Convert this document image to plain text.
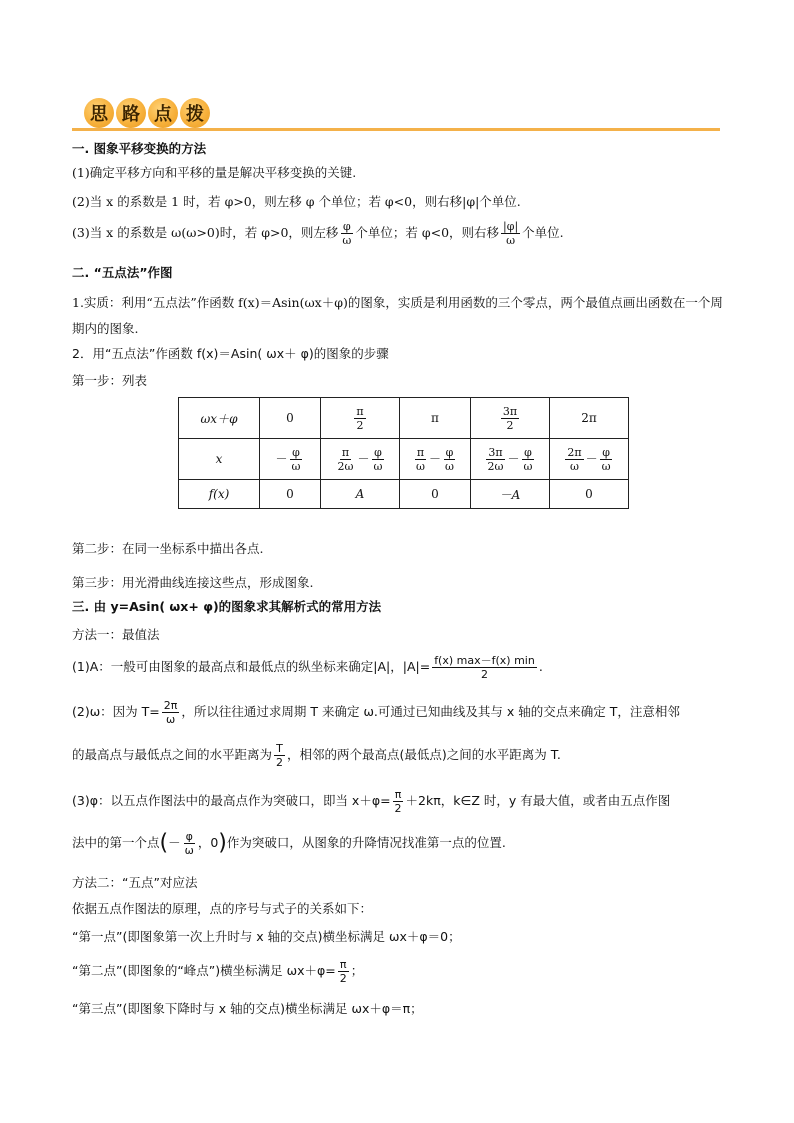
思 路 点 拨
一. 图象平移变换的方法
(1)确定平移方向和平移的量是解决平移变换的关键.
(2)当 x 的系数是 1 时，若 φ>0，则左移 φ 个单位；若 φ<0，则右移|φ|个单位.
(3)当 x 的系数是 ω(ω>0)时，若 φ>0，则左移 $\frac{\varphi}{\omega}$ 个单位；若 φ<0，则右移 $\frac{|\varphi|}{\omega}$ 个单位.
二. “五点法”作图
1.实质：利用“五点法”作函数 f(x)＝Asin(ωx＋φ)的图象，实质是利用函数的三个零点，两个最值点画出函数在一个周期内的图象.
2．用“五点法”作函数 f(x)＝Asin( ωx＋ φ)的图象的步骤
第一步：列表
ωx＋φ	0	$\frac{\pi}{2}$	π	$\frac{3\pi}{2}$	2π
x	－ $\frac{\varphi}{\omega}$	$\frac{\pi}{2\omega} - \frac{\varphi}{\omega}$	$\frac{\pi}{\omega} - \frac{\varphi}{\omega}$	$\frac{3\pi}{2\omega} - \frac{\varphi}{\omega}$	$\frac{2\pi}{\omega} - \frac{\varphi}{\omega}$

f(x)	0	A	0	－A	0
第二步：在同一坐标系中描出各点.
第三步：用光滑曲线连接这些点，形成图象.
三. 由 y=Asin( ωx+ φ)的图象求其解析式的常用方法
方法一：最值法
(1)A：一般可由图象的最高点和最低点的纵坐标来确定|A|，$|A|= \frac{f(x) \max-f(x) \min}{2}$ .
(2)ω：因为 $T= \frac{2\pi}{\omega}$ ，所以往往通过求周期 T 来确定 ω.可通过已知曲线及其与 x 轴的交点来确定 T，注意相邻
的最高点与最低点之间的水平距离为 $\frac{T}{2}$ ，相邻的两个最高点(最低点)之间的水平距离为 T.
(3)φ：以五点作图法中的最高点作为突破口，即当 $x+\varphi= \frac{\pi}{2} +2k\pi$，k∈Z 时，y 有最大值，或者由五点作图
法中的第一个点(－ $\frac{\varphi}{\omega}$ ，0)作为突破口，从图象的升降情况找准第一点的位置.
方法二：“五点”对应法
依据五点作图法的原理，点的序号与式子的关系如下：
“第一点”(即图象第一次上升时与 x 轴的交点)横坐标满足 ωx＋φ＝0；
“第二点”(即图象的“峰点”)横坐标满足 $\omega x+\varphi= \frac{\pi}{2}$ ；
“第三点”(即图象下降时与 x 轴的交点)横坐标满足 ωx＋φ＝π；
